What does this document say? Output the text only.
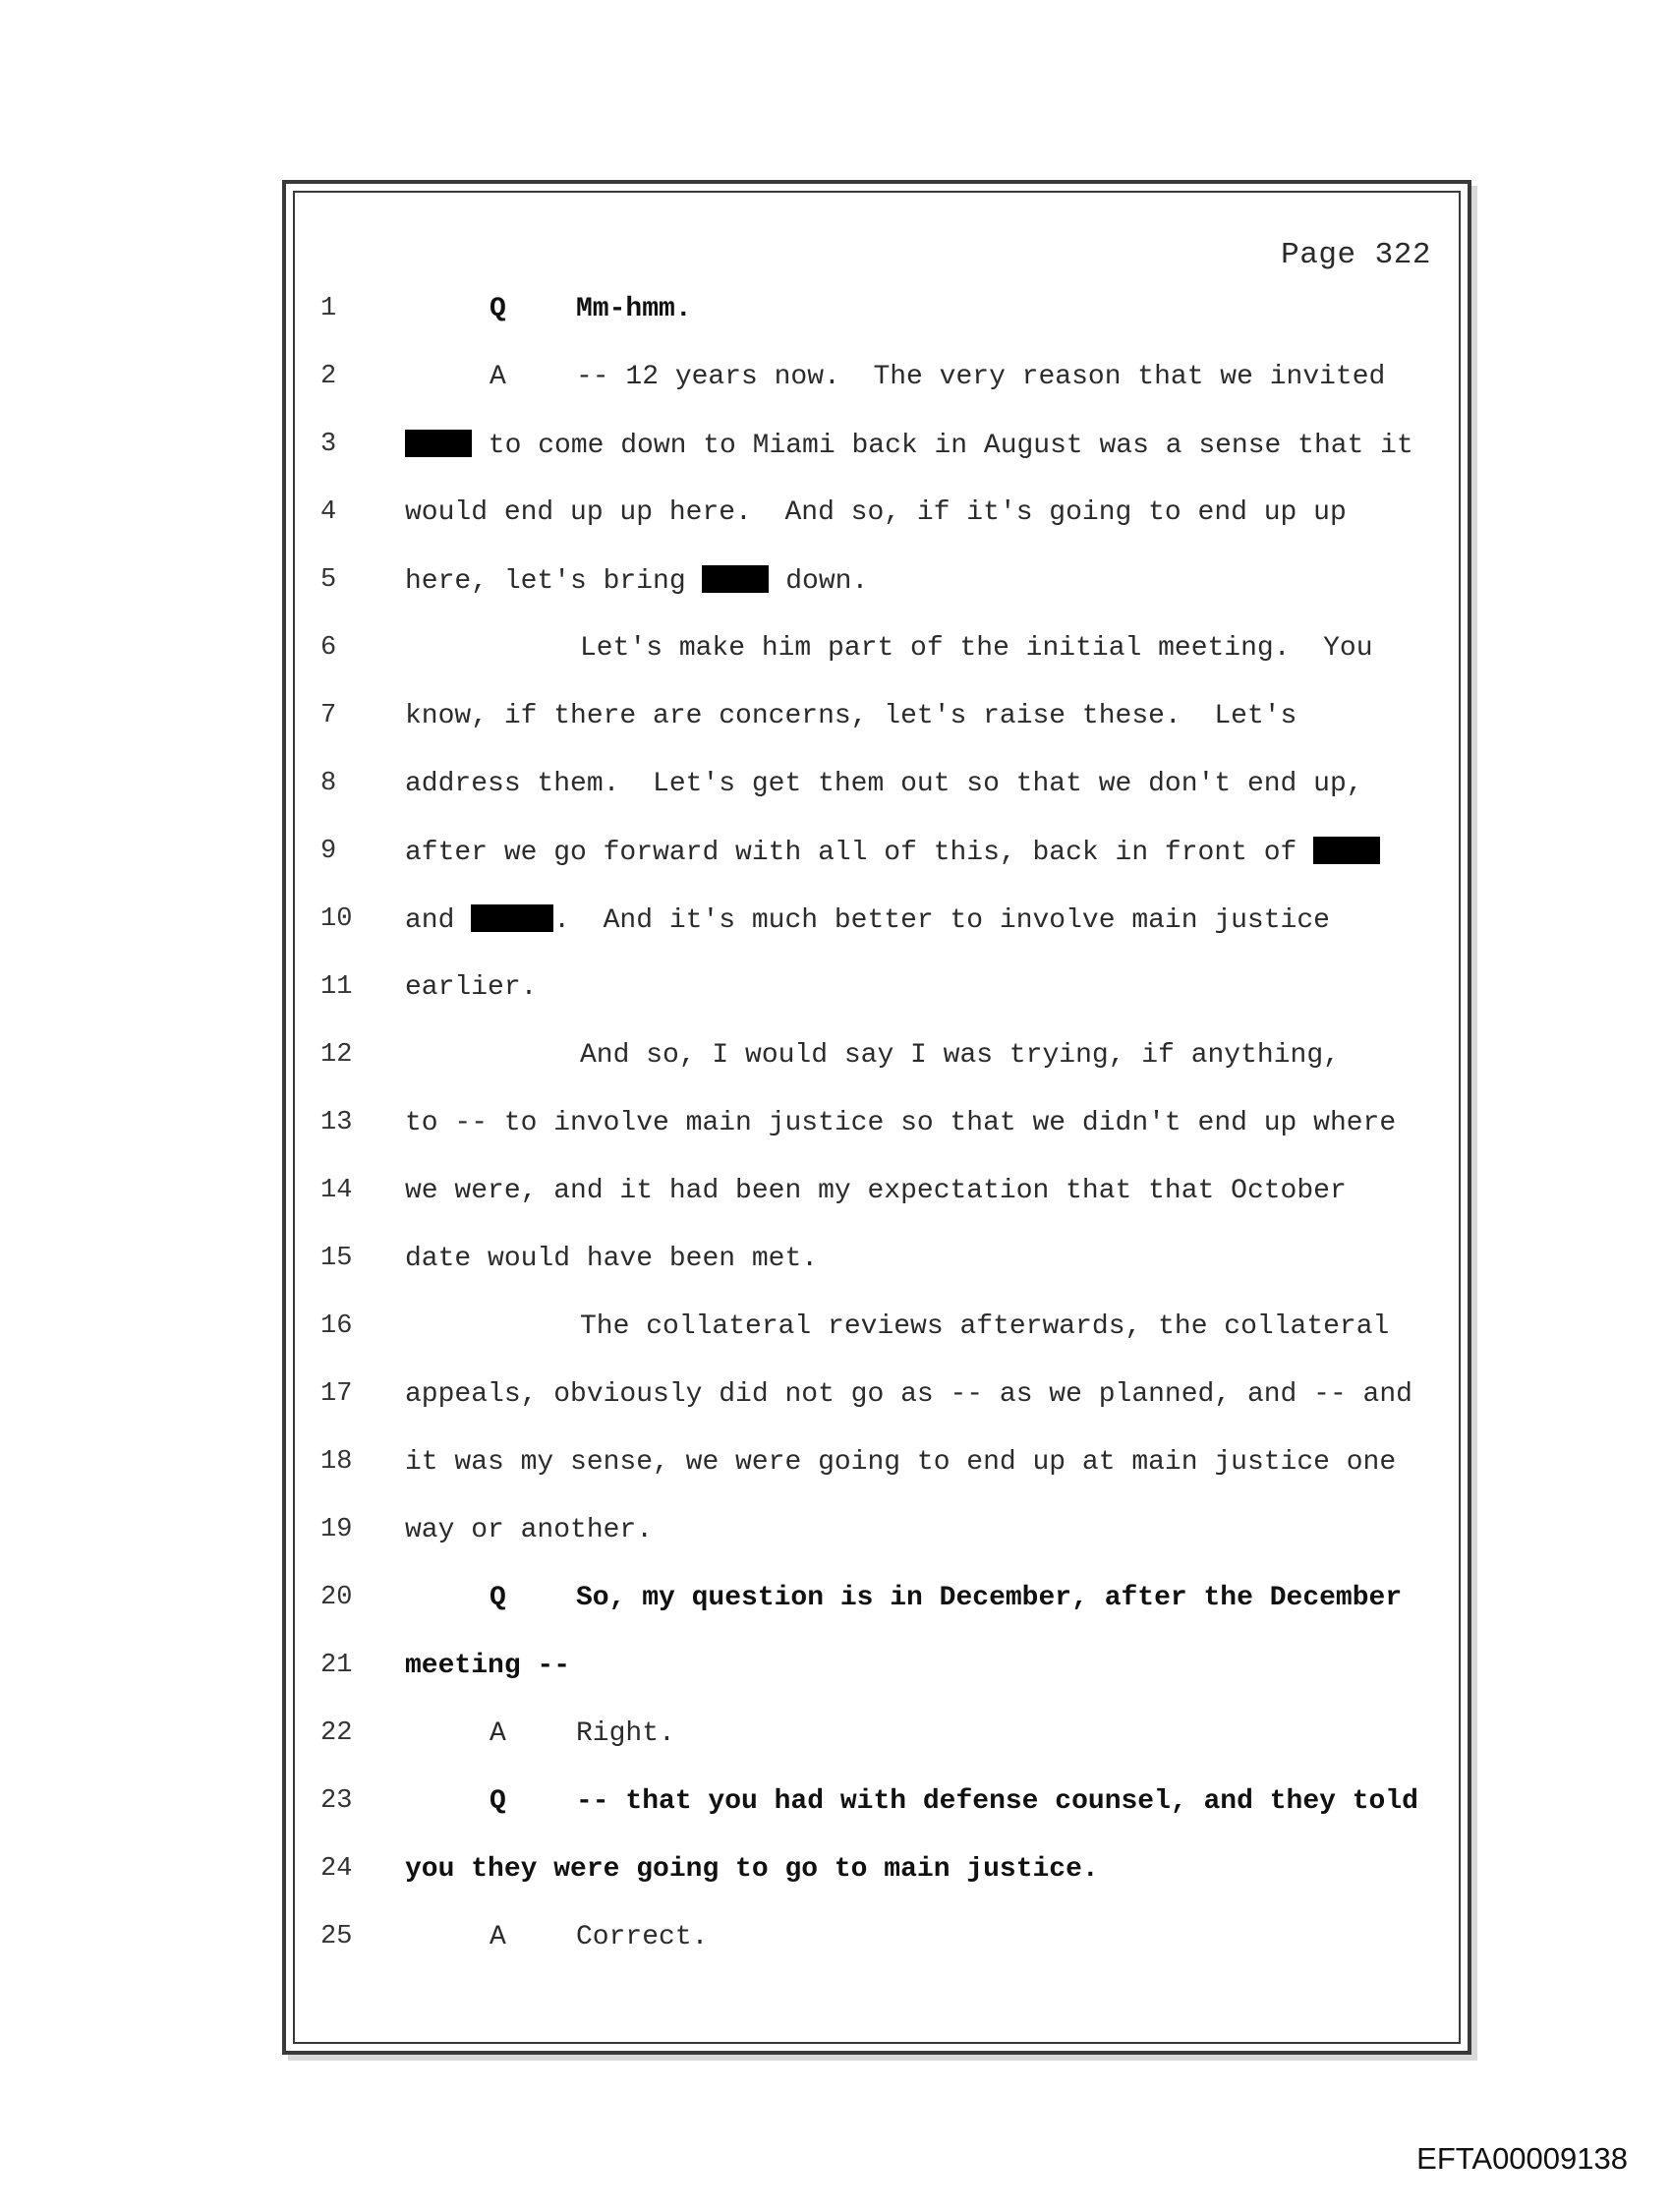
Page 322
1	Q	Mm-hmm.
2	A	-- 12 years now.  The very reason that we invited
3	to come down to Miami back in August was a sense that it
4	would end up up here.  And so, if it's going to end up up
5	here, let's bring  down.
6	Let's make him part of the initial meeting.  You
7	know, if there are concerns, let's raise these.  Let's
8	address them.  Let's get them out so that we don't end up,
9	after we go forward with all of this, back in front of
10	and	.  And it's much better to involve main justice
11	earlier.
12	And so, I would say I was trying, if anything,
13	to -- to involve main justice so that we didn't end up where
14	we were, and it had been my expectation that that October
15	date would have been met.
16	The collateral reviews afterwards, the collateral
17	appeals, obviously did not go as -- as we planned, and -- and
18	it was my sense, we were going to end up at main justice one
19	way or another.
20	Q	So, my question is in December, after the December
21	meeting --
22	A	Right.
23	Q	-- that you had with defense counsel, and they told
24	you they were going to go to main justice.
25	A	Correct.
EFTA00009138
